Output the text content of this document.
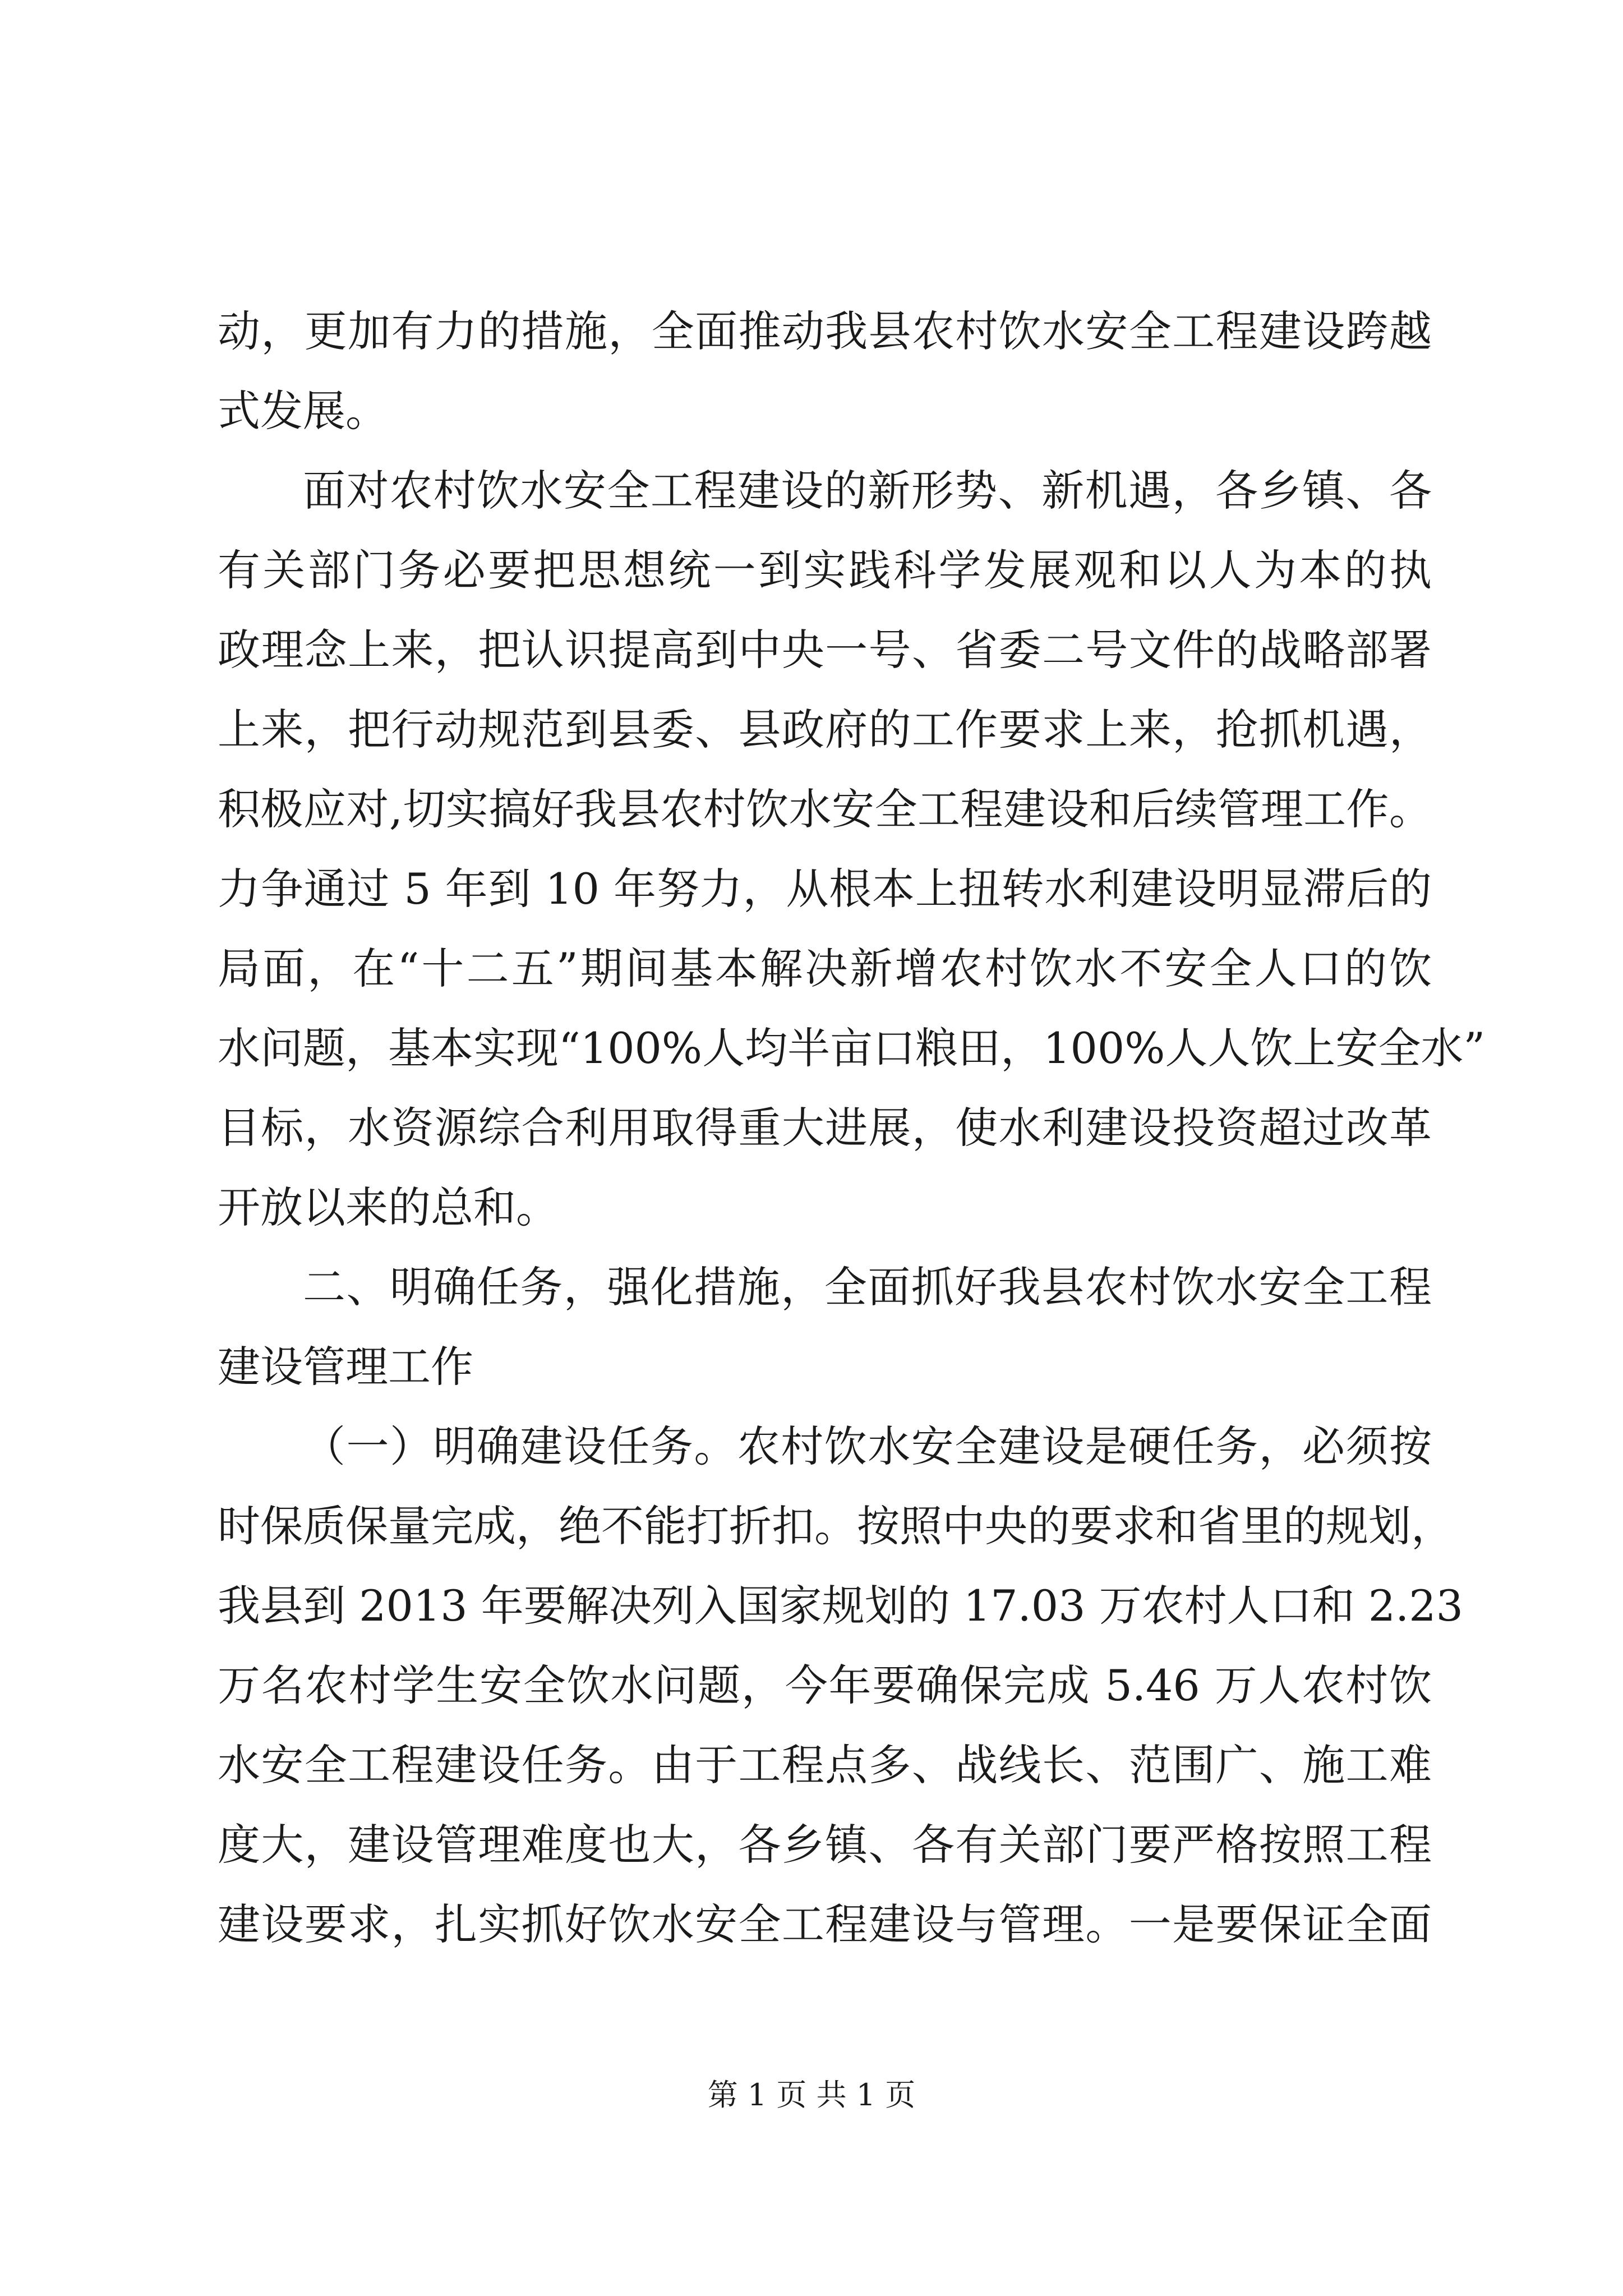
动，更加有力的措施，全面推动我县农村饮水安全工程建设跨越
式发展。
面对农村饮水安全工程建设的新形势、新机遇，各乡镇、各
有关部门务必要把思想统一到实践科学发展观和以人为本的执
政理念上来，把认识提高到中央一号、省委二号文件的战略部署
上来，把行动规范到县委、县政府的工作要求上来，抢抓机遇，
积极应对,切实搞好我县农村饮水安全工程建设和后续管理工作。
力争通过 5 年到 10 年努力，从根本上扭转水利建设明显滞后的
局面，在“十二五”期间基本解决新增农村饮水不安全人口的饮
水问题，基本实现“100%人均半亩口粮田，100%人人饮上安全水”
目标，水资源综合利用取得重大进展，使水利建设投资超过改革
开放以来的总和。
二、明确任务，强化措施，全面抓好我县农村饮水安全工程
建设管理工作
（一）明确建设任务。农村饮水安全建设是硬任务，必须按
时保质保量完成，绝不能打折扣。按照中央的要求和省里的规划，
我县到 2013 年要解决列入国家规划的 17.03 万农村人口和 2.23
万名农村学生安全饮水问题，今年要确保完成 5.46 万人农村饮
水安全工程建设任务。由于工程点多、战线长、范围广、施工难
度大，建设管理难度也大，各乡镇、各有关部门要严格按照工程
建设要求，扎实抓好饮水安全工程建设与管理。一是要保证全面
第 1 页 共 1 页
